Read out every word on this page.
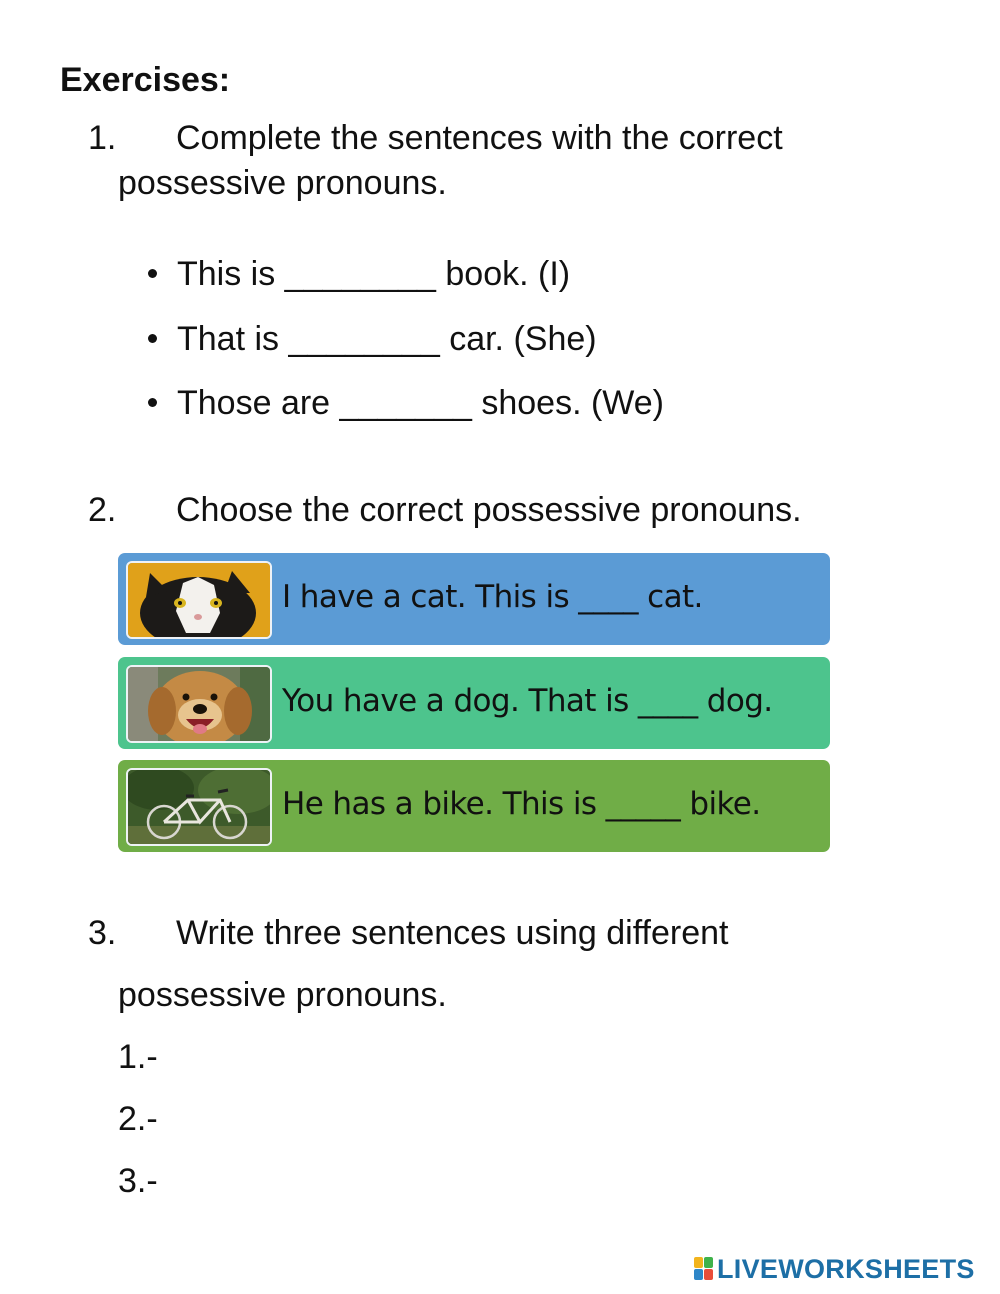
Exercises:
1. Complete the sentences with the correct
possessive pronouns.
This is ________ book. (I)
That is ________ car. (She)
Those are _______ shoes. (We)
2. Choose the correct possessive pronouns.
I have a cat. This is ____ cat.
You have a dog. That is ____ dog.
He has a bike. This is _____ bike.
3. Write three sentences using different
possessive pronouns.
1.-
2.-
3.-
LIVEWORKSHEETS
